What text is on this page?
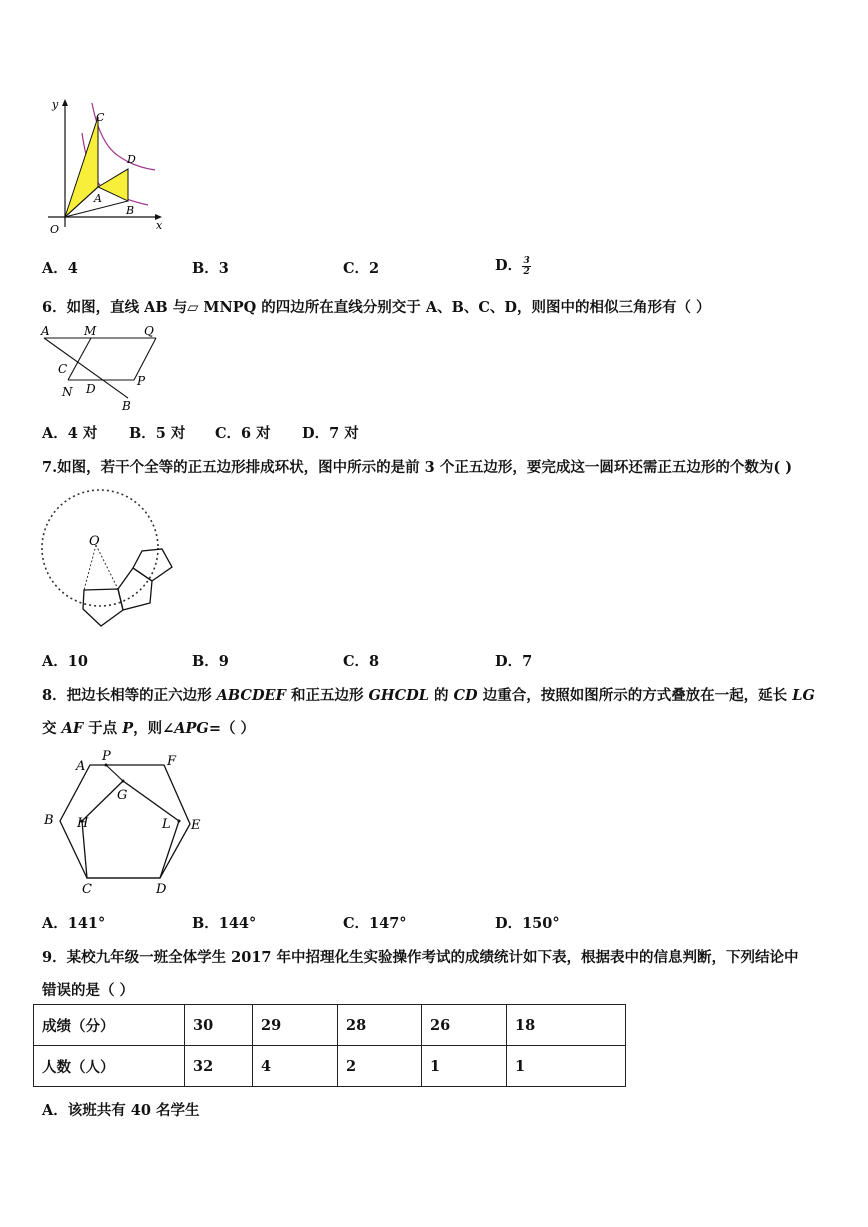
y
x
O
C
D
A
B
A．4	B．3	C．2	D． $\frac{3}{2}$
6．如图，直线 AB 与▱ MNPQ 的四边所在直线分别交于 A、B、C、D，则图中的相似三角形有（ ）
A	M	Q
C
N D
P
B
A．4 对 B．5 对 C．6 对 D．7 对
7.如图，若干个全等的正五边形排成环状，图中所示的是前 3 个正五边形，要完成这一圆环还需正五边形的个数为( )
O
A．10	B．9	C．8	D．7
8．把边长相等的正六边形 ABCDEF 和正五边形 GHCDL 的 CD 边重合，按照如图所示的方式叠放在一起，延长 LG
交 AF 于点 P，则∠APG=（ ）
A
P	F
G
B H	L E
C	D
A．141°	B．144°	C．147°	D．150°
9．某校九年级一班全体学生 2017 年中招理化生实验操作考试的成绩统计如下表，根据表中的信息判断，下列结论中
错误的是（ ）
成绩（分）	30	29	28	26	18
人数（人）	32	4	2	1	1
A．该班共有 40 名学生
